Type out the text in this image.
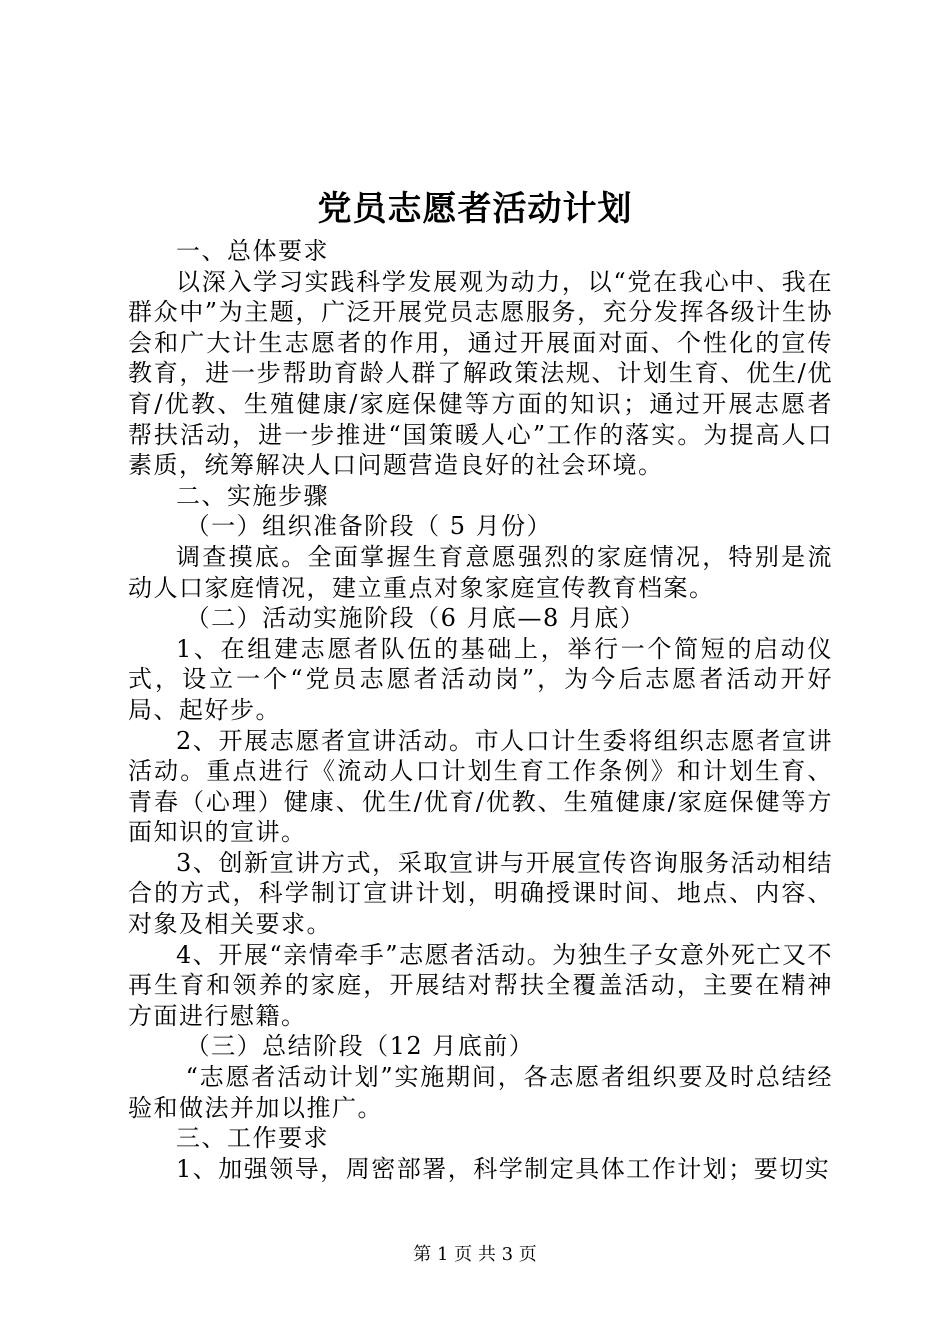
党员志愿者活动计划

一、总体要求

以深入学习实践科学发展观为动力，以“党在我心中、我在群众中”为主题，广泛开展党员志愿服务，充分发挥各级计生协会和广大计生志愿者的作用，通过开展面对面、个性化的宣传教育，进一步帮助育龄人群了解政策法规、计划生育、优生/优育/优教、生殖健康/家庭保健等方面的知识；通过开展志愿者帮扶活动，进一步推进“国策暖人心”工作的落实。为提高人口素质，统筹解决人口问题营造良好的社会环境。

二、实施步骤

（一）组织准备阶段（ 5 月份）

调查摸底。全面掌握生育意愿强烈的家庭情况，特别是流动人口家庭情况，建立重点对象家庭宣传教育档案。

（二）活动实施阶段（6 月底—8 月底）

1、在组建志愿者队伍的基础上，举行一个简短的启动仪式，设立一个“党员志愿者活动岗”，为今后志愿者活动开好局、起好步。

2、开展志愿者宣讲活动。市人口计生委将组织志愿者宣讲活动。重点进行《流动人口计划生育工作条例》和计划生育、青春（心理）健康、优生/优育/优教、生殖健康/家庭保健等方面知识的宣讲。

3、创新宣讲方式，采取宣讲与开展宣传咨询服务活动相结合的方式，科学制订宣讲计划，明确授课时间、地点、内容、对象及相关要求。

4、开展“亲情牵手”志愿者活动。为独生子女意外死亡又不再生育和领养的家庭，开展结对帮扶全覆盖活动，主要在精神方面进行慰籍。

（三）总结阶段（12 月底前）

“志愿者活动计划”实施期间，各志愿者组织要及时总结经验和做法并加以推广。

三、工作要求

1、加强领导，周密部署，科学制定具体工作计划；要切实

第 1 页 共 3 页
